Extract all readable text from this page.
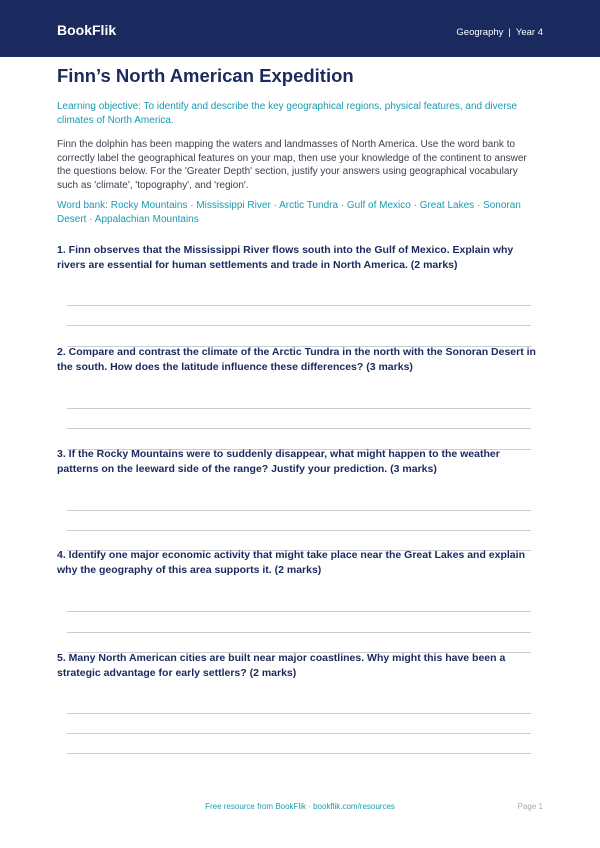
BookFlik	Geography | Year 4
Finn’s North American Expedition
Learning objective: To identify and describe the key geographical regions, physical features, and diverse climates of North America.
Finn the dolphin has been mapping the waters and landmasses of North America. Use the word bank to correctly label the geographical features on your map, then use your knowledge of the continent to answer the questions below. For the 'Greater Depth' section, justify your answers using geographical vocabulary such as 'climate', 'topography', and 'region'.
Word bank: Rocky Mountains · Mississippi River · Arctic Tundra · Gulf of Mexico · Great Lakes · Sonoran Desert · Appalachian Mountains
1. Finn observes that the Mississippi River flows south into the Gulf of Mexico. Explain why rivers are essential for human settlements and trade in North America. (2 marks)
2. Compare and contrast the climate of the Arctic Tundra in the north with the Sonoran Desert in the south. How does the latitude influence these differences? (3 marks)
3. If the Rocky Mountains were to suddenly disappear, what might happen to the weather patterns on the leeward side of the range? Justify your prediction. (3 marks)
4. Identify one major economic activity that might take place near the Great Lakes and explain why the geography of this area supports it. (2 marks)
5. Many North American cities are built near major coastlines. Why might this have been a strategic advantage for early settlers? (2 marks)
Free resource from BookFlik · bookflik.com/resources	Page 1
